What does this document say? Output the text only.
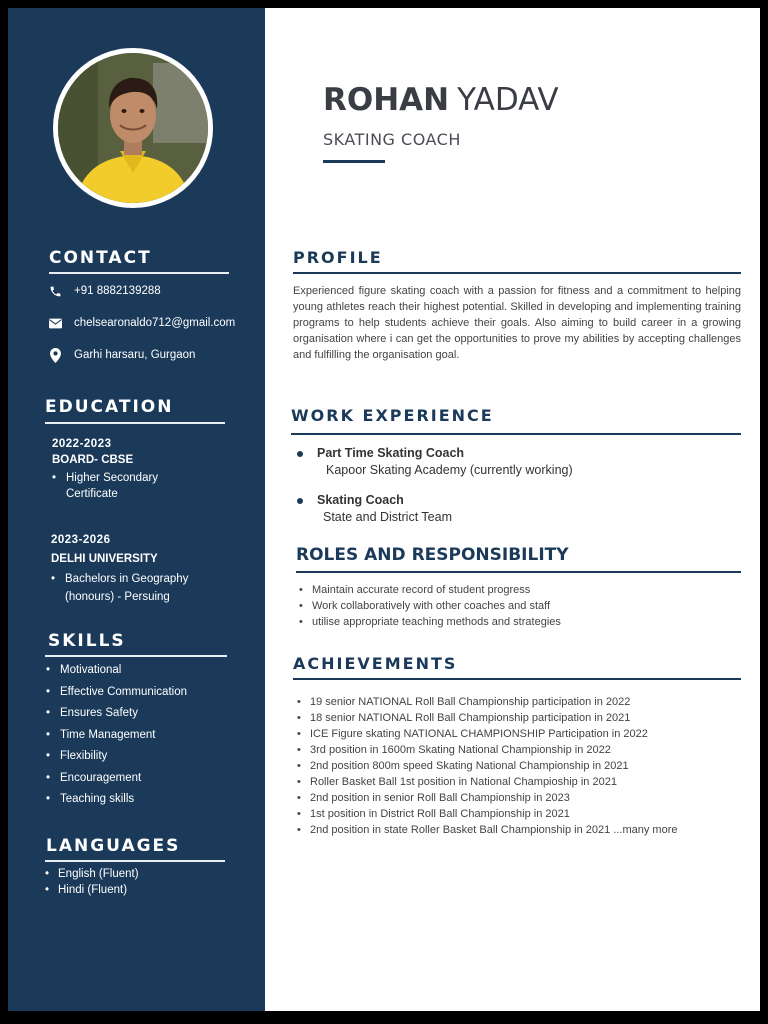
CONTACT
+91 8882139288
chelsearonaldo712@gmail.com
Garhi harsaru, Gurgaon
EDUCATION
2022-2023
BOARD- CBSE
• Higher Secondary
Certificate
2023-2026
DELHI UNIVERSITY
• Bachelors in Geography
(honours) - Persuing
SKILLS
• Motivational
• Effective Communication
• Ensures Safety
• Time Management
• Flexibility
• Encouragement
• Teaching skills
LANGUAGES
• English (Fluent)
• Hindi (Fluent)
ROHAN YADAV
SKATING COACH
PROFILE

Experienced figure skating coach with a passion for fitness and a commitment to helping young athletes reach their highest potential. Skilled in developing and implementing training programs to help students achieve their goals. Also aiming to build career in a growing organisation where i can get the opportunities to prove my abilities by accepting challenges and fulfilling the organisation goal.

WORK EXPERIENCE
Part Time Skating Coach
Kapoor Skating Academy (currently working)
Skating Coach
State and District Team
ROLES AND RESPONSIBILITY
• Maintain accurate record of student progress
• Work collaboratively with other coaches and staff
• utilise appropriate teaching methods and strategies
ACHIEVEMENTS
• 19 senior NATIONAL Roll Ball Championship participation in 2022
• 18 senior NATIONAL Roll Ball Championship participation in 2021
• ICE Figure skating NATIONAL CHAMPIONSHIP Participation in 2022
• 3rd position in 1600m Skating National Championship in 2022
• 2nd position 800m speed Skating National Championship in 2021
• Roller Basket Ball 1st position in National Champioship in 2021
• 2nd position in senior Roll Ball Championship in 2023
• 1st position in District Roll Ball Championship in 2021
• 2nd position in state Roller Basket Ball Championship in 2021 ...many more
